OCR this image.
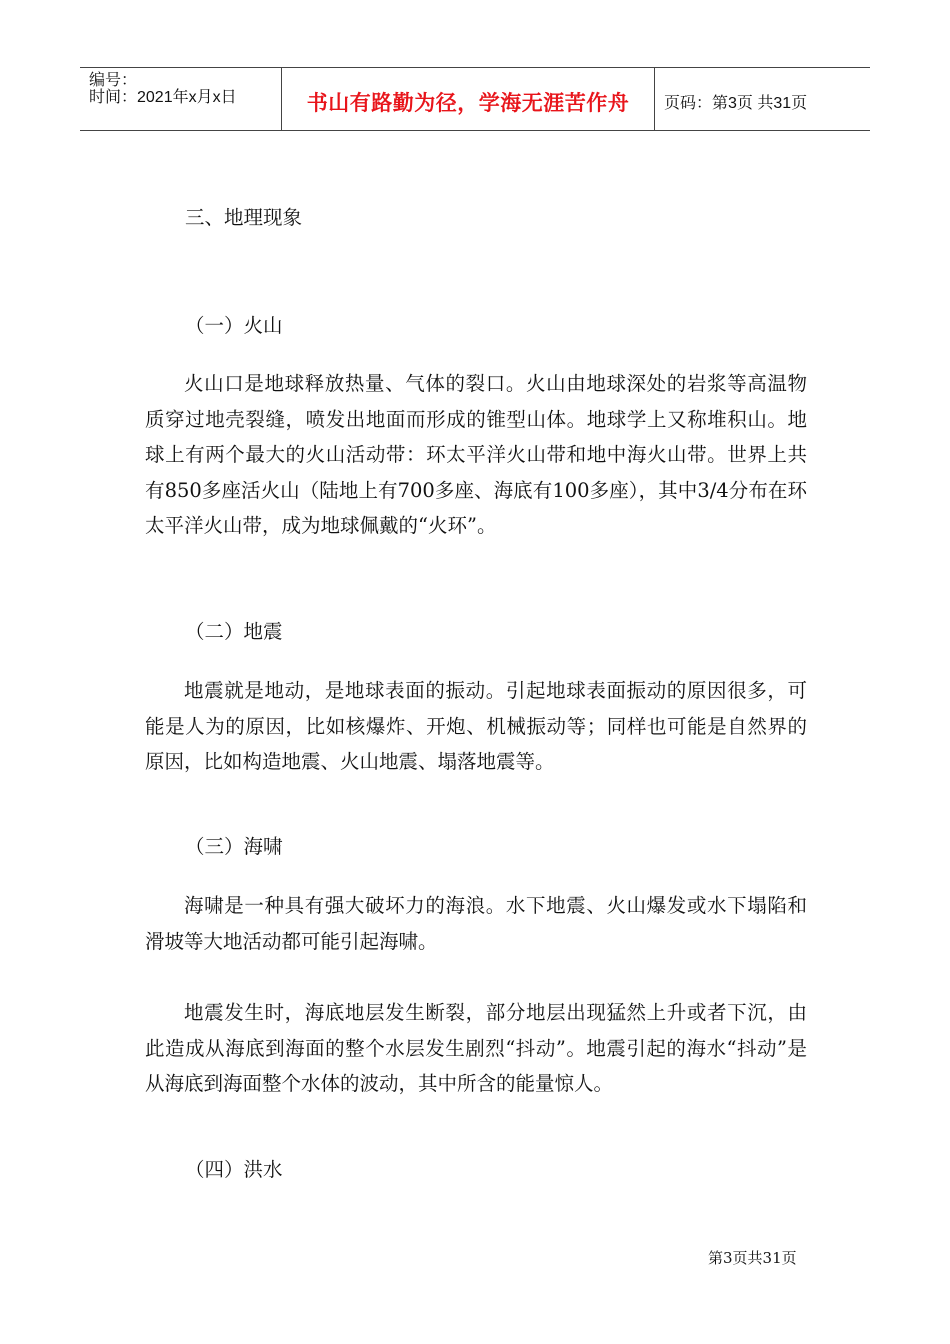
编号：
时间：2021年x月x日	书山有路勤为径，学海无涯苦作舟	页码：第3页 共31页
三、地理现象
（一）火山
火山口是地球释放热量、气体的裂口。火山由地球深处的岩浆等高温物质穿过地壳裂缝，喷发出地面而形成的锥型山体。地球学上又称堆积山。地球上有两个最大的火山活动带：环太平洋火山带和地中海火山带。世界上共有850多座活火山（陆地上有700多座、海底有100多座），其中3/4分布在环太平洋火山带，成为地球佩戴的“火环”。
（二）地震
地震就是地动，是地球表面的振动。引起地球表面振动的原因很多，可能是人为的原因，比如核爆炸、开炮、机械振动等；同样也可能是自然界的原因，比如构造地震、火山地震、塌落地震等。
（三）海啸
海啸是一种具有强大破坏力的海浪。水下地震、火山爆发或水下塌陷和滑坡等大地活动都可能引起海啸。
地震发生时，海底地层发生断裂，部分地层出现猛然上升或者下沉，由此造成从海底到海面的整个水层发生剧烈“抖动”。地震引起的海水“抖动”是从海底到海面整个水体的波动，其中所含的能量惊人。
（四）洪水
第3页共31页
